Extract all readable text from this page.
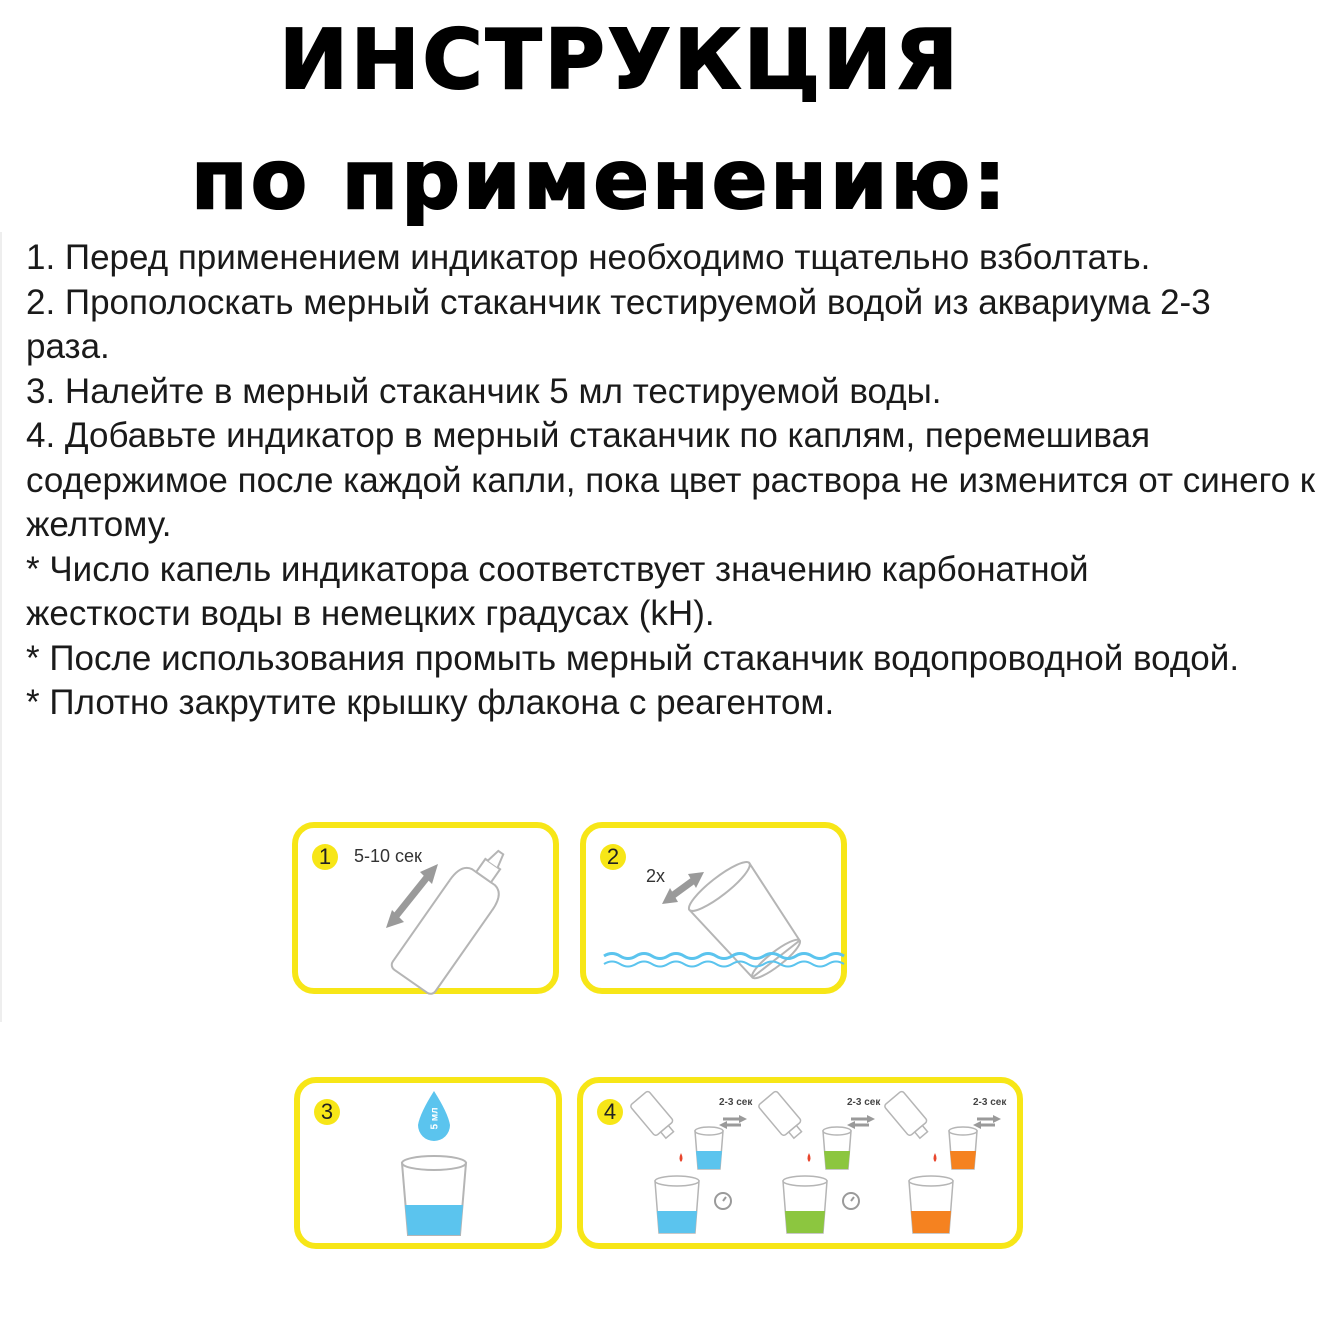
ИНСТРУКЦИЯ
по применению:
1. Перед применением индикатор необходимо тщательно взболтать.
2. Прополоскать мерный стаканчик тестируемой водой из аквариума 2-3 раза.
3. Налейте в мерный стаканчик 5 мл тестируемой воды.
4. Добавьте индикатор в мерный стаканчик по каплям, перемешивая содержимое после каждой капли, пока цвет раствора не изменится от синего к желтому.
* Число капель индикатора соответствует значению карбонатной жесткости воды в немецких градусах (kH).
* После использования промыть мерный стаканчик водопроводной водой.
* Плотно закрутите крышку флакона с реагентом.
1	5-10 сек	2
2x
3	5 мл	4	2-3 сек	2-3 сек	2-3 сек
